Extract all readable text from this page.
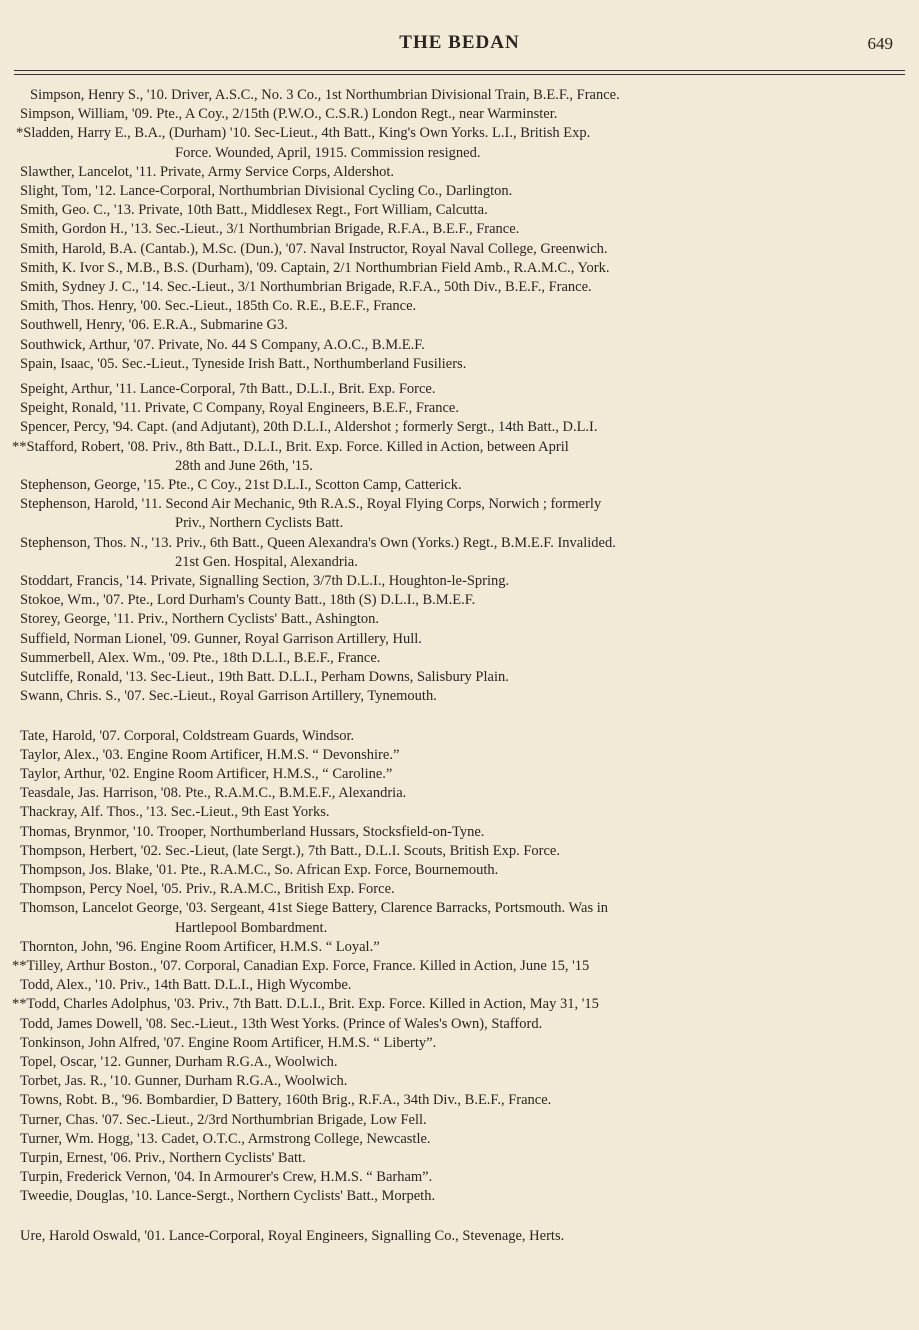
THE BEDAN	649
Simpson, Henry S., '10. Driver, A.S.C., No. 3 Co., 1st Northumbrian Divisional Train, B.E.F., France.
Simpson, William, '09. Pte., A Coy., 2/15th (P.W.O., C.S.R.) London Regt., near Warminster.
*Sladden, Harry E., B.A., (Durham) '10. Sec-Lieut., 4th Batt., King's Own Yorks. L.I., British Exp.
Force. Wounded, April, 1915. Commission resigned.
Slawther, Lancelot, '11. Private, Army Service Corps, Aldershot.
Slight, Tom, '12. Lance-Corporal, Northumbrian Divisional Cycling Co., Darlington.
Smith, Geo. C., '13. Private, 10th Batt., Middlesex Regt., Fort William, Calcutta.
Smith, Gordon H., '13. Sec.-Lieut., 3/1 Northumbrian Brigade, R.F.A., B.E.F., France.
Smith, Harold, B.A. (Cantab.), M.Sc. (Dun.), '07. Naval Instructor, Royal Naval College, Greenwich.
Smith, K. Ivor S., M.B., B.S. (Durham), '09. Captain, 2/1 Northumbrian Field Amb., R.A.M.C., York.
Smith, Sydney J. C., '14. Sec.-Lieut., 3/1 Northumbrian Brigade, R.F.A., 50th Div., B.E.F., France.
Smith, Thos. Henry, '00. Sec.-Lieut., 185th Co. R.E., B.E.F., France.
Southwell, Henry, '06. E.R.A., Submarine G3.
Southwick, Arthur, '07. Private, No. 44 S Company, A.O.C., B.M.E.F.
Spain, Isaac, '05. Sec.-Lieut., Tyneside Irish Batt., Northumberland Fusiliers.
Speight, Arthur, '11. Lance-Corporal, 7th Batt., D.L.I., Brit. Exp. Force.
Speight, Ronald, '11. Private, C Company, Royal Engineers, B.E.F., France.
Spencer, Percy, '94. Capt. (and Adjutant), 20th D.L.I., Aldershot ; formerly Sergt., 14th Batt., D.L.I.
**Stafford, Robert, '08. Priv., 8th Batt., D.L.I., Brit. Exp. Force. Killed in Action, between April
28th and June 26th, '15.
Stephenson, George, '15. Pte., C Coy., 21st D.L.I., Scotton Camp, Catterick.
Stephenson, Harold, '11. Second Air Mechanic, 9th R.A.S., Royal Flying Corps, Norwich ; formerly
Priv., Northern Cyclists Batt.
Stephenson, Thos. N., '13. Priv., 6th Batt., Queen Alexandra's Own (Yorks.) Regt., B.M.E.F. Invalided.
21st Gen. Hospital, Alexandria.
Stoddart, Francis, '14. Private, Signalling Section, 3/7th D.L.I., Houghton-le-Spring.
Stokoe, Wm., '07. Pte., Lord Durham's County Batt., 18th (S) D.L.I., B.M.E.F.
Storey, George, '11. Priv., Northern Cyclists' Batt., Ashington.
Suffield, Norman Lionel, '09. Gunner, Royal Garrison Artillery, Hull.
Summerbell, Alex. Wm., '09. Pte., 18th D.L.I., B.E.F., France.
Sutcliffe, Ronald, '13. Sec-Lieut., 19th Batt. D.L.I., Perham Downs, Salisbury Plain.
Swann, Chris. S., '07. Sec.-Lieut., Royal Garrison Artillery, Tynemouth.
Tate, Harold, '07. Corporal, Coldstream Guards, Windsor.
Taylor, Alex., '03. Engine Room Artificer, H.M.S. “ Devonshire.”
Taylor, Arthur, '02. Engine Room Artificer, H.M.S., “ Caroline.”
Teasdale, Jas. Harrison, '08. Pte., R.A.M.C., B.M.E.F., Alexandria.
Thackray, Alf. Thos., '13. Sec.-Lieut., 9th East Yorks.
Thomas, Brynmor, '10. Trooper, Northumberland Hussars, Stocksfield-on-Tyne.
Thompson, Herbert, '02. Sec.-Lieut, (late Sergt.), 7th Batt., D.L.I. Scouts, British Exp. Force.
Thompson, Jos. Blake, '01. Pte., R.A.M.C., So. African Exp. Force, Bournemouth.
Thompson, Percy Noel, '05. Priv., R.A.M.C., British Exp. Force.
Thomson, Lancelot George, '03. Sergeant, 41st Siege Battery, Clarence Barracks, Portsmouth. Was in
Hartlepool Bombardment.
Thornton, John, '96. Engine Room Artificer, H.M.S. “ Loyal.”
**Tilley, Arthur Boston., '07. Corporal, Canadian Exp. Force, France. Killed in Action, June 15, '15
Todd, Alex., '10. Priv., 14th Batt. D.L.I., High Wycombe.
**Todd, Charles Adolphus, '03. Priv., 7th Batt. D.L.I., Brit. Exp. Force. Killed in Action, May 31, '15
Todd, James Dowell, '08. Sec.-Lieut., 13th West Yorks. (Prince of Wales's Own), Stafford.
Tonkinson, John Alfred, '07. Engine Room Artificer, H.M.S. “ Liberty”.
Topel, Oscar, '12. Gunner, Durham R.G.A., Woolwich.
Torbet, Jas. R., '10. Gunner, Durham R.G.A., Woolwich.
Towns, Robt. B., '96. Bombardier, D Battery, 160th Brig., R.F.A., 34th Div., B.E.F., France.
Turner, Chas. '07. Sec.-Lieut., 2/3rd Northumbrian Brigade, Low Fell.
Turner, Wm. Hogg, '13. Cadet, O.T.C., Armstrong College, Newcastle.
Turpin, Ernest, '06. Priv., Northern Cyclists' Batt.
Turpin, Frederick Vernon, '04. In Armourer's Crew, H.M.S. “ Barham”.
Tweedie, Douglas, '10. Lance-Sergt., Northern Cyclists' Batt., Morpeth.
Ure, Harold Oswald, '01. Lance-Corporal, Royal Engineers, Signalling Co., Stevenage, Herts.
